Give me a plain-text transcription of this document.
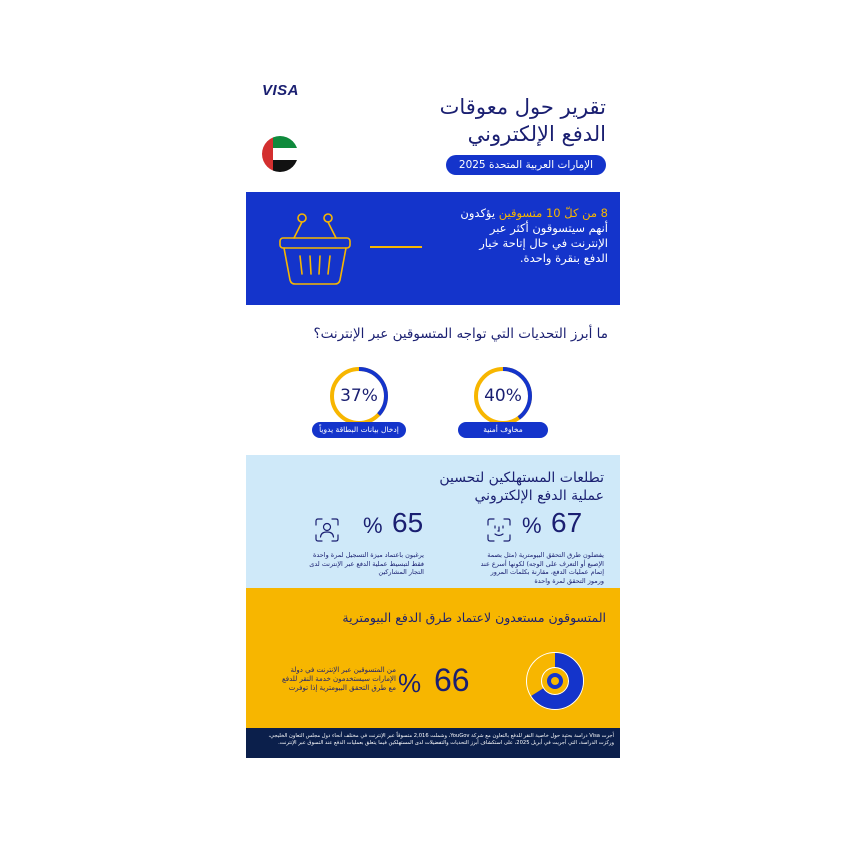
VISA
تقرير حول معوقات
الدفع الإلكتروني
الإمارات العربية المتحدة 2025
8 من كلّ 10 متسوقين يؤكدون
أنهم سيتسوقون أكثر عبر
الإنترنت في حال إتاحة خيار
الدفع بنقرة واحدة.
ما أبرز التحديات التي تواجه المتسوقين عبر الإنترنت؟
40%
مخاوف أمنية
37%
إدخال بيانات البطاقة يدوياً
تطلعات المستهلكين لتحسين
عملية الدفع الإلكتروني
67
%
يفضلون طرق التحقق البيومترية (مثل بصمة
الإصبع أو التعرف على الوجه) لكونها أسرع عند
إتمام عمليات الدفع، مقارنة بكلمات المرور
ورموز التحقق لمرة واحدة
65
%
يرغبون باعتماد ميزة التسجيل لمرة واحدة
فقط لتبسيط عملية الدفع عبر الإنترنت لدى
التجار المشاركين
المتسوقون مستعدون لاعتماد طرق الدفع البيومترية
66
%
من المتسوقين عبر الإنترنت في دولة
الإمارات سيستخدمون خدمة النقر للدفع
مع طرق التحقق البيومترية إذا توفرت
أجرت Visa دراسة بحثية حول خاصية النقر للدفع بالتعاون مع شركة YouGov، وشملت 2,016 متسوقاً عبر الإنترنت في مختلف أنحاء دول مجلس التعاون الخليجي،
وركزت الدراسة، التي أجريت في أبريل 2025، على استكشاف أبرز التحديات والتفضيلات لدى المستهلكين فيما يتعلق بعمليات الدفع عند التسوق عبر الإنترنت.
